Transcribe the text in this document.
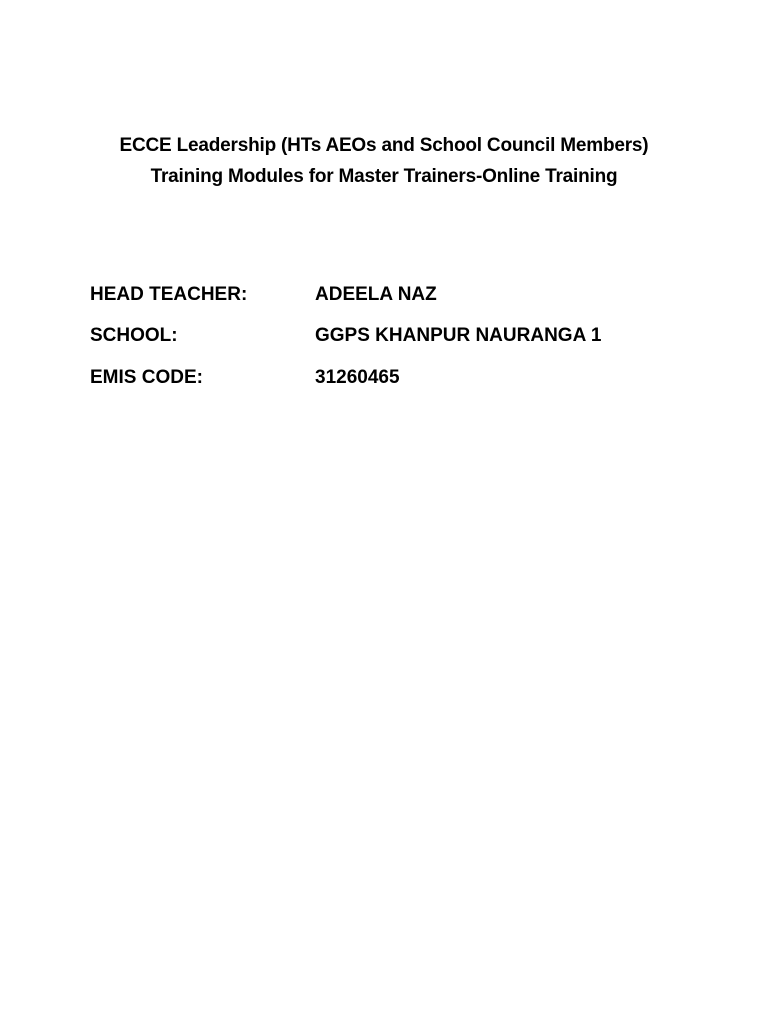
ECCE Leadership (HTs AEOs and School Council Members)
Training Modules for Master Trainers-Online Training
HEAD TEACHER:	ADEELA NAZ
SCHOOL:	GGPS KHANPUR NAURANGA 1
EMIS CODE:	31260465
